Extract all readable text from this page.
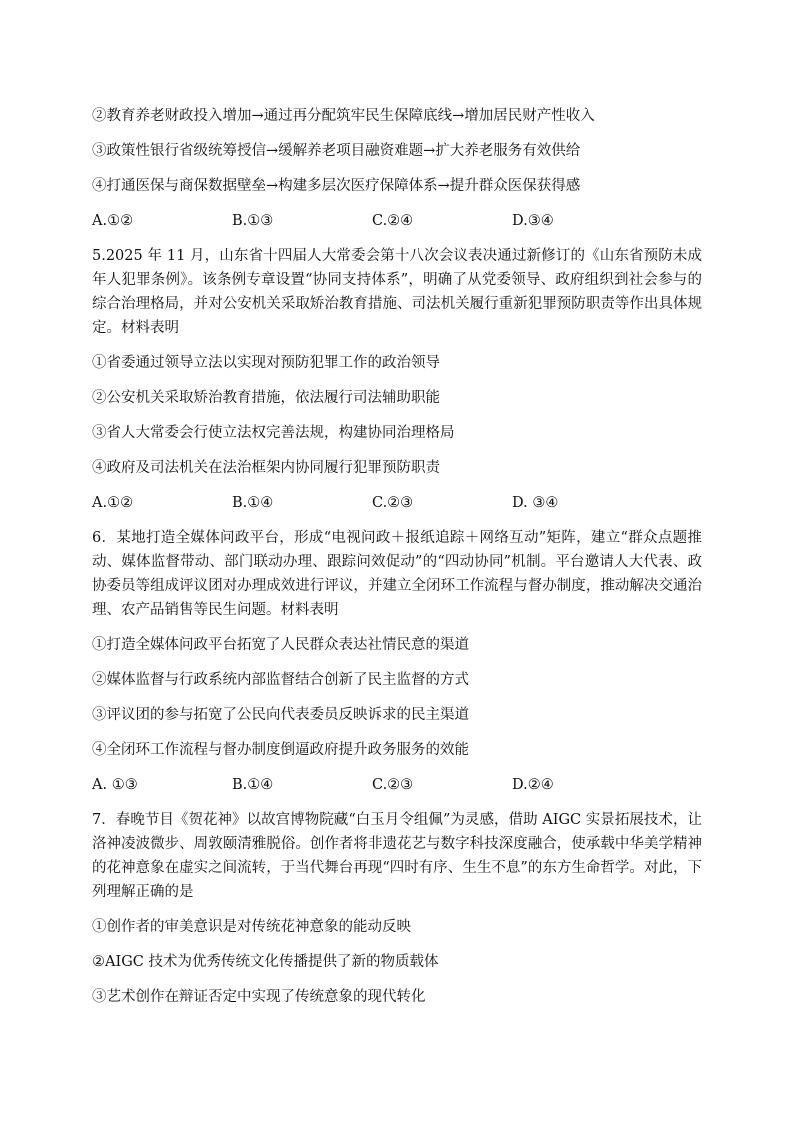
②教育养老财政投入增加→通过再分配筑牢民生保障底线→增加居民财产性收入
③政策性银行省级统筹授信→缓解养老项目融资难题→扩大养老服务有效供给
④打通医保与商保数据壁垒→构建多层次医疗保障体系→提升群众医保获得感
A.①②	B.①③	C.②④	D.③④
5.2025 年 11 月，山东省十四届人大常委会第十八次会议表决通过新修订的《山东省预防未成年人犯罪条例》。该条例专章设置“协同支持体系”，明确了从党委领导、政府组织到社会参与的综合治理格局，并对公安机关采取矫治教育措施、司法机关履行重新犯罪预防职责等作出具体规定。材料表明
①省委通过领导立法以实现对预防犯罪工作的政治领导
②公安机关采取矫治教育措施，依法履行司法辅助职能
③省人大常委会行使立法权完善法规，构建协同治理格局
④政府及司法机关在法治框架内协同履行犯罪预防职责
A.①②	B.①④	C.②③	D. ③④
6．某地打造全媒体问政平台，形成“电视问政＋报纸追踪＋网络互动”矩阵，建立“群众点题推动、媒体监督带动、部门联动办理、跟踪问效促动”的“四动协同”机制。平台邀请人大代表、政协委员等组成评议团对办理成效进行评议，并建立全闭环工作流程与督办制度，推动解决交通治理、农产品销售等民生问题。材料表明
①打造全媒体问政平台拓宽了人民群众表达社情民意的渠道
②媒体监督与行政系统内部监督结合创新了民主监督的方式
③评议团的参与拓宽了公民向代表委员反映诉求的民主渠道
④全闭环工作流程与督办制度倒逼政府提升政务服务的效能
A. ①③	B.①④	C.②③	D.②④
7．春晚节目《贺花神》以故宫博物院藏“白玉月令组佩”为灵感，借助 AIGC 实景拓展技术，让洛神凌波微步、周敦颐清雅脱俗。创作者将非遗花艺与数字科技深度融合，使承载中华美学精神的花神意象在虚实之间流转，于当代舞台再现“四时有序、生生不息”的东方生命哲学。对此，下列理解正确的是
①创作者的审美意识是对传统花神意象的能动反映
②AIGC 技术为优秀传统文化传播提供了新的物质载体
③艺术创作在辩证否定中实现了传统意象的现代转化
